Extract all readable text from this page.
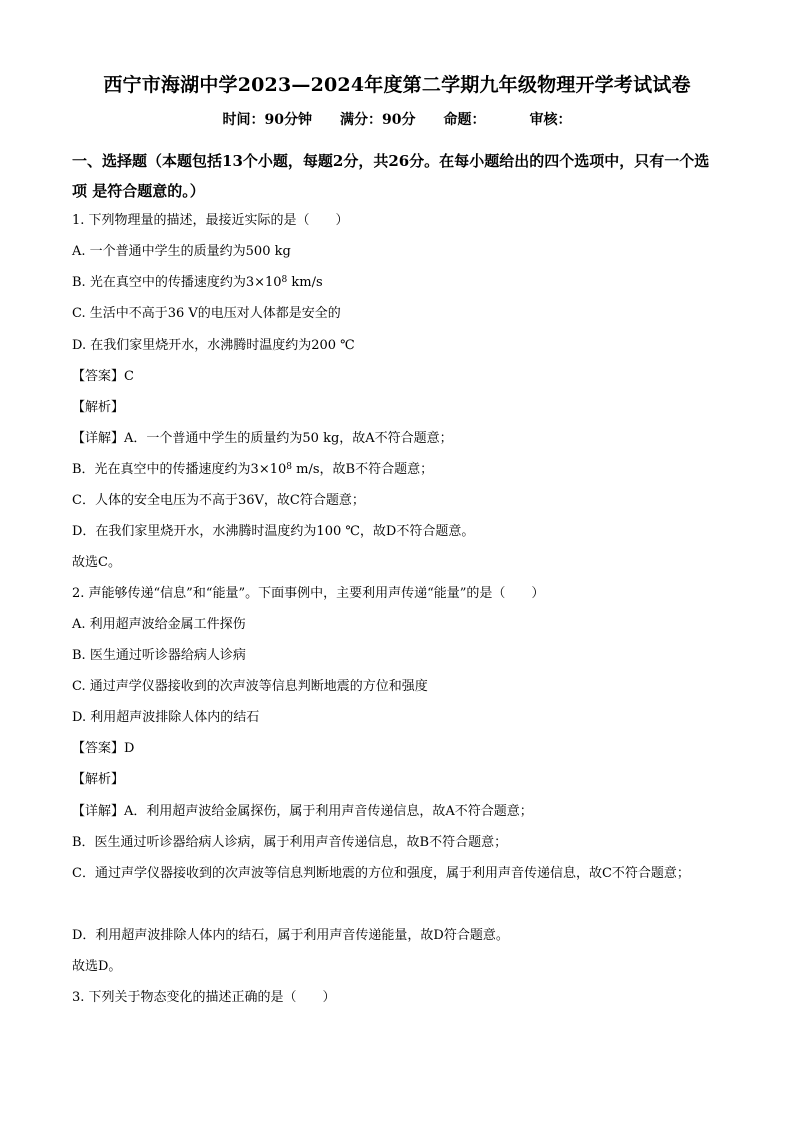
西宁市海湖中学2023—2024年度第二学期九年级物理开学考试试卷
时间：90分钟 满分：90分 命题：	审核：
一、选择题（本题包括13个小题，每题2分，共26分。在每小题给出的四个选项中，只有一个选项 是符合题意的。）
1. 下列物理量的描述，最接近实际的是（　　）
A. 一个普通中学生的质量约为500 kg
B. 光在真空中的传播速度约为$3\times 10^8$ km/s
C. 生活中不高于36 V的电压对人体都是安全的
D. 在我们家里烧开水，水沸腾时温度约为200 ℃
【答案】C
【解析】
【详解】A．一个普通中学生的质量约为50 kg，故A不符合题意；
B．光在真空中的传播速度约为$3\times 10^8$ m/s，故B不符合题意；
C．人体的安全电压为不高于36V，故C符合题意；
D．在我们家里烧开水，水沸腾时温度约为100 ℃，故D不符合题意。
故选C。
2. 声能够传递“信息”和“能量”。下面事例中，主要利用声传递“能量”的是（　　）
A. 利用超声波给金属工件探伤
B. 医生通过听诊器给病人诊病
C. 通过声学仪器接收到的次声波等信息判断地震的方位和强度
D. 利用超声波排除人体内的结石
【答案】D
【解析】
【详解】A．利用超声波给金属探伤，属于利用声音传递信息，故A不符合题意；
B．医生通过听诊器给病人诊病，属于利用声音传递信息，故B不符合题意；
C．通过声学仪器接收到的次声波等信息判断地震的方位和强度，属于利用声音传递信息，故C不符合题意；
D．利用超声波排除人体内的结石，属于利用声音传递能量，故D符合题意。
故选D。
3. 下列关于物态变化的描述正确的是（　　）
